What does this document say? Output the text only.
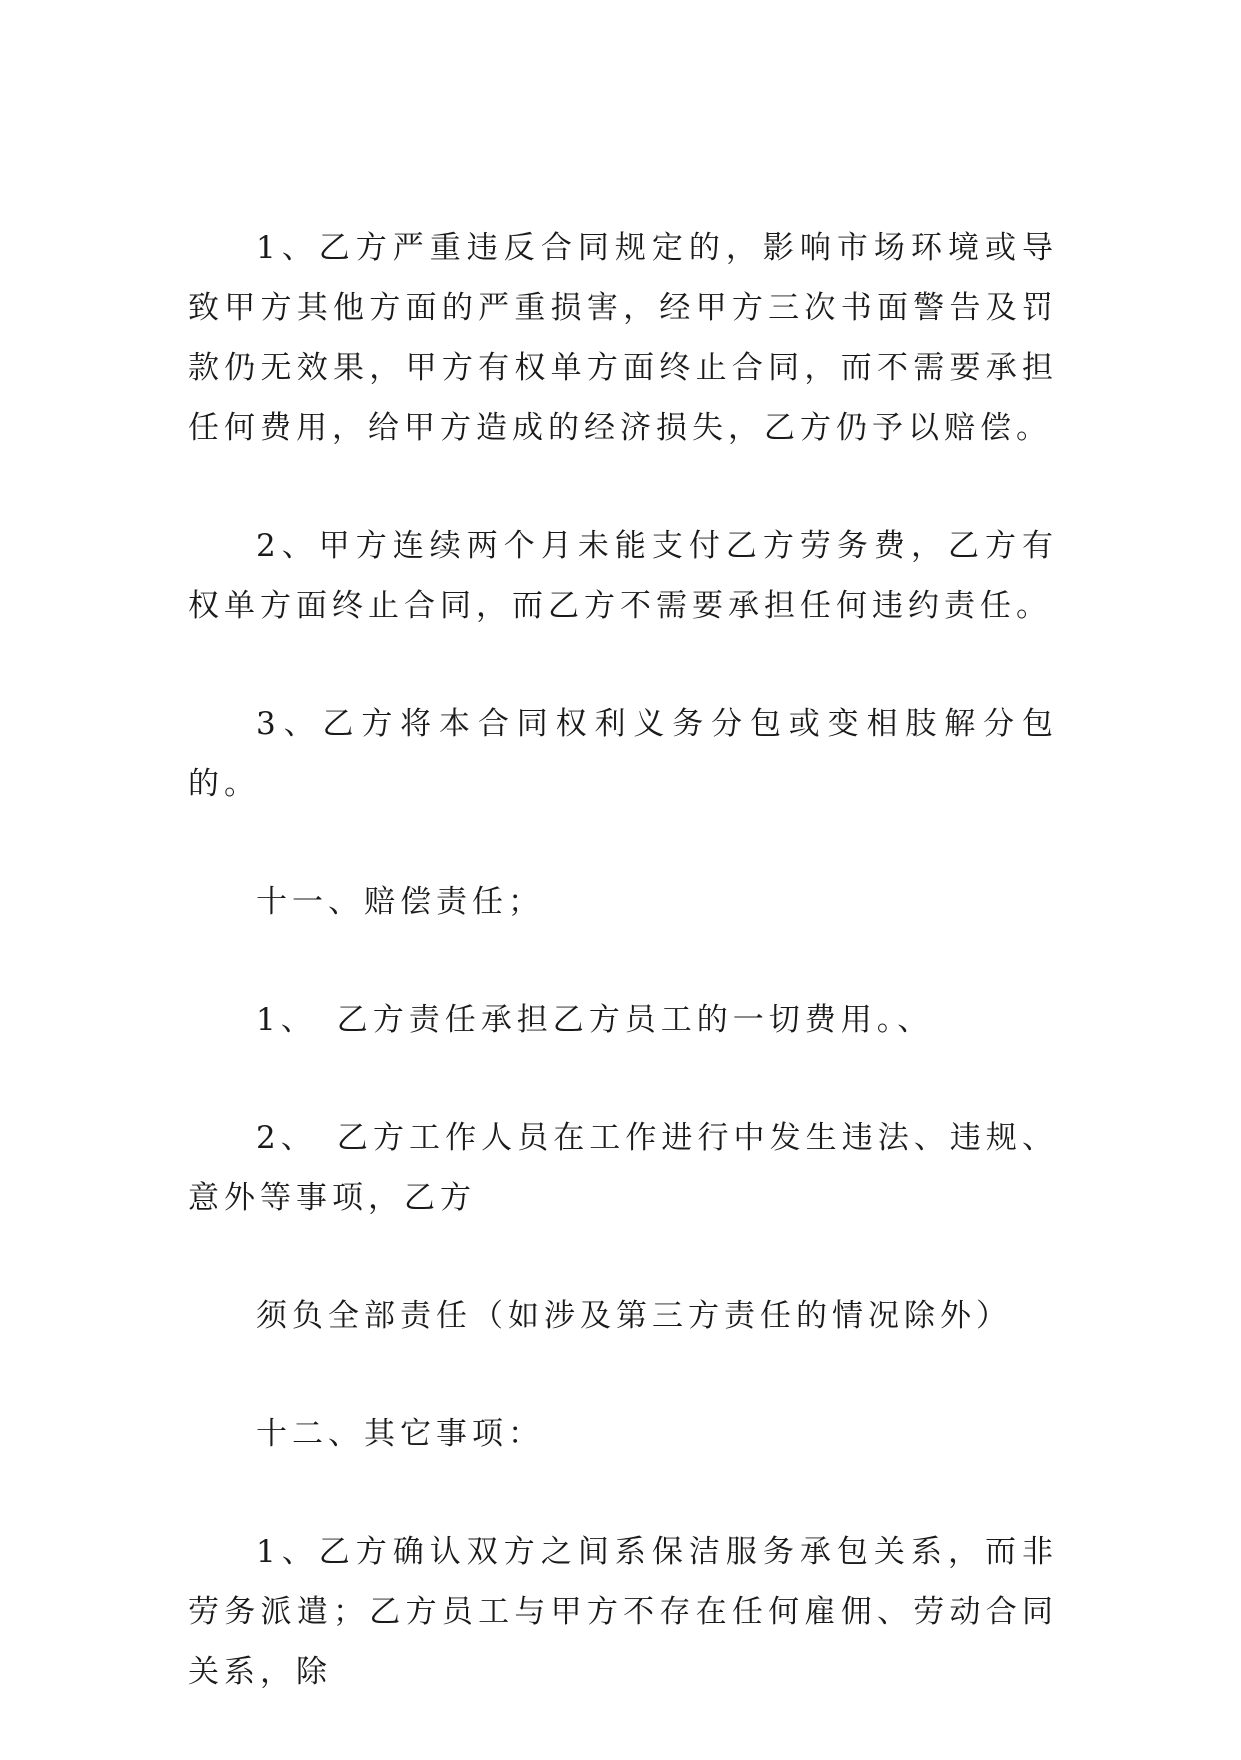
1、乙方严重违反合同规定的，影响市场环境或导致甲方其他方面的严重损害，经甲方三次书面警告及罚款仍无效果，甲方有权单方面终止合同，而不需要承担任何费用，给甲方造成的经济损失，乙方仍予以赔偿。

2、甲方连续两个月未能支付乙方劳务费，乙方有权单方面终止合同，而乙方不需要承担任何违约责任。

3、乙方将本合同权利义务分包或变相肢解分包的。

十一、赔偿责任；

1、 乙方责任承担乙方员工的一切费用。、

2、 乙方工作人员在工作进行中发生违法、违规、意外等事项，乙方

须负全部责任（如涉及第三方责任的情况除外）

十二、其它事项：

1、乙方确认双方之间系保洁服务承包关系，而非劳务派遣；乙方员工与甲方不存在任何雇佣、劳动合同关系，除
